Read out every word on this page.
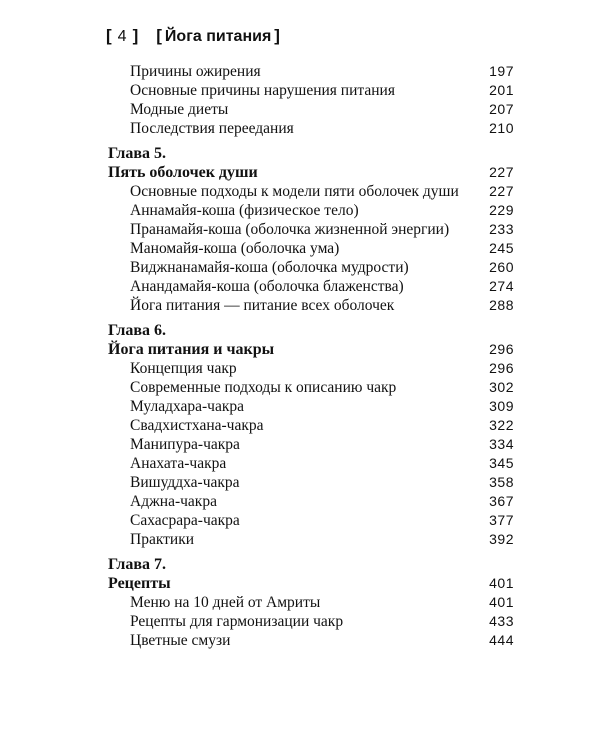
[ 4 ] [ Йога питания ]
Причины ожирения	197
Основные причины нарушения питания	201
Модные диеты	207
Последствия переедания	210
Глава 5.
Пять оболочек души	227
Основные подходы к модели пяти оболочек души 227
Аннамайя-коша (физическое тело)	229
Пранамайя-коша (оболочка жизненной энергии)	233
Маномайя-коша (оболочка ума)	245
Виджнанамайя-коша (оболочка мудрости)	260
Анандамайя-коша (оболочка блаженства)	274
Йога питания — питание всех оболочек	288
Глава 6.
Йога питания и чакры	296
Концепция чакр	296
Современные подходы к описанию чакр	302
Муладхара-чакра	309
Свадхистхана-чакра	322
Манипура-чакра	334
Анахата-чакра	345
Вишуддха-чакра	358
Аджна-чакра	367
Сахасрара-чакра	377
Практики	392
Глава 7.
Рецепты	401
Меню на 10 дней от Амриты	401
Рецепты для гармонизации чакр	433
Цветные смузи	444
